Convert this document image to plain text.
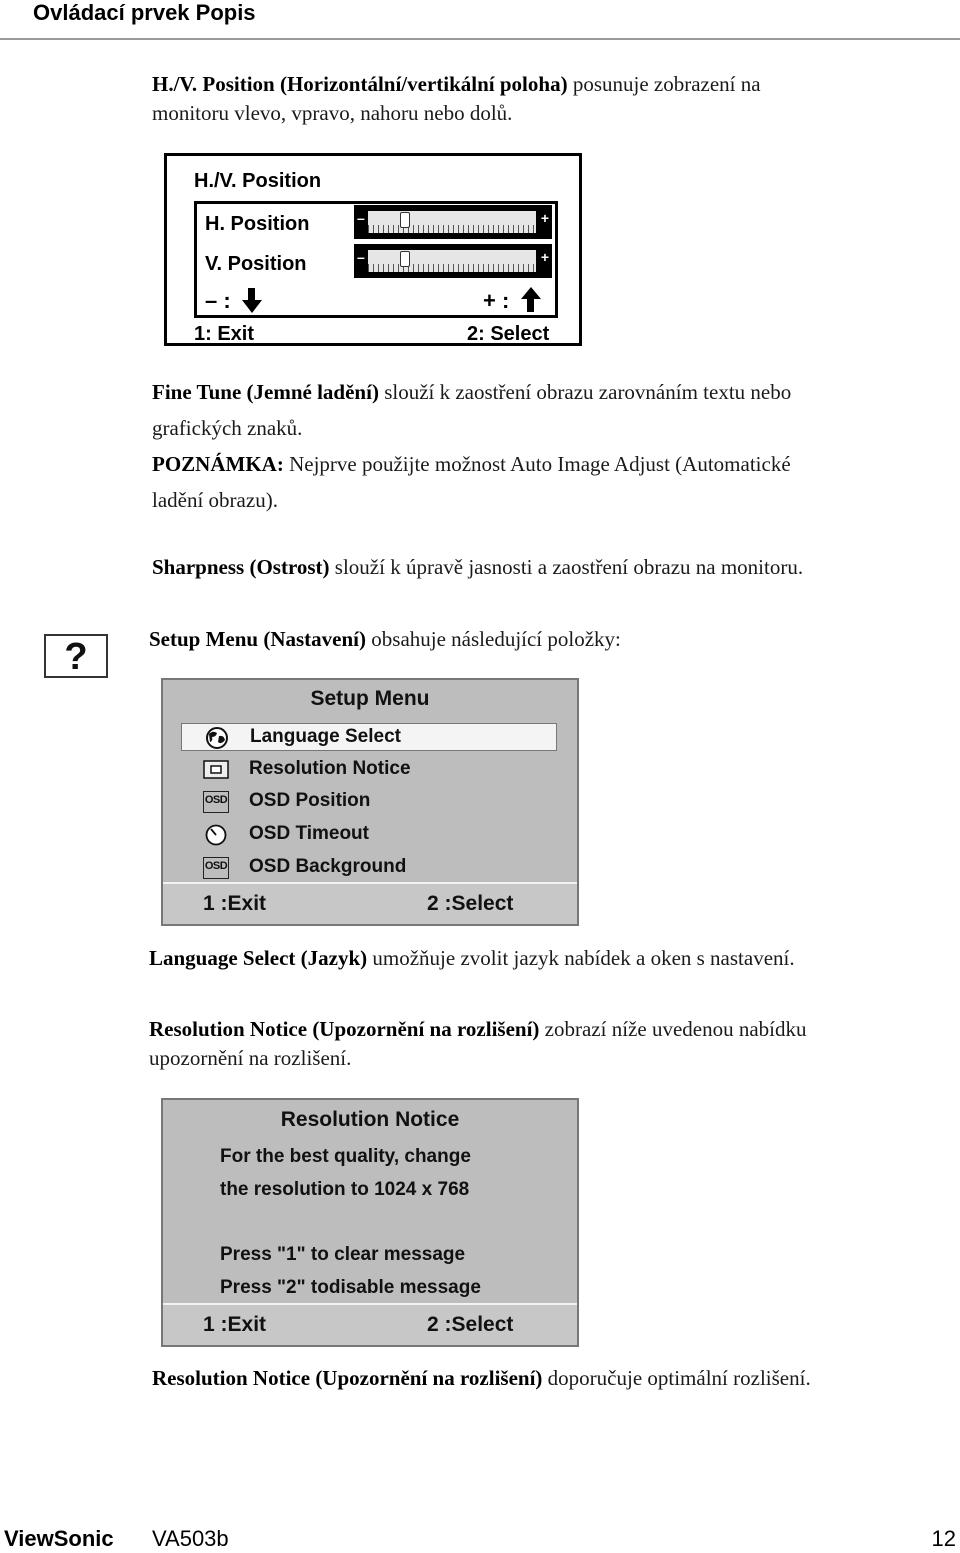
Ovládací prvek Popis
H./V. Position (Horizontální/vertikální poloha) posunuje zobrazení na
monitoru vlevo, vpravo, nahoru nebo dolů.
H./V. Position
H. Position	–	+
V. Position	–	+
– :	+ :
1: Exit	2: Select
Fine Tune (Jemné ladění) slouží k zaostření obrazu zarovnáním textu nebo
grafických znaků.
POZNÁMKA: Nejprve použijte možnost Auto Image Adjust (Automatické
ladění obrazu).
Sharpness (Ostrost) slouží k úpravě jasnosti a zaostření obrazu na monitoru.
?	Setup Menu (Nastavení) obsahuje následující položky:
Setup Menu
Language Select
Resolution Notice
OSD OSD Position
OSD Timeout
OSD OSD Background
1 :Exit	2 :Select
Language Select (Jazyk) umožňuje zvolit jazyk nabídek a oken s nastavení.
Resolution Notice (Upozornění na rozlišení) zobrazí níže uvedenou nabídku
upozornění na rozlišení.
Resolution Notice
For the best quality, change
the resolution to 1024 x 768
Press "1" to clear message
Press "2" todisable message
1 :Exit	2 :Select
Resolution Notice (Upozornění na rozlišení) doporučuje optimální rozlišení.
ViewSonic VA503b	12
